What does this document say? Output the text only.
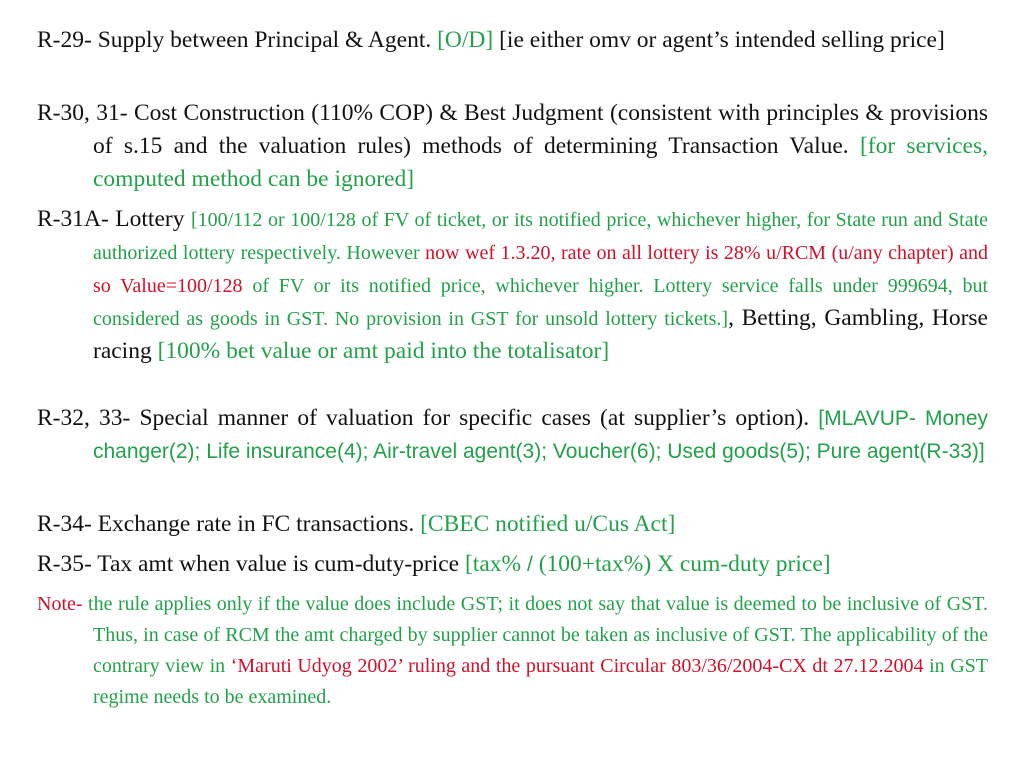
R-29- Supply between Principal & Agent. [O/D] [ie either omv or agent’s intended selling price]

R-30, 31- Cost Construction (110% COP) & Best Judgment (consistent with principles & provisions of s.15 and the valuation rules) methods of determining Transaction Value. [for services, computed method can be ignored]

R-31A- Lottery [100/112 or 100/128 of FV of ticket, or its notified price, whichever higher, for State run and State authorized lottery respectively. However now wef 1.3.20, rate on all lottery is 28% u/RCM (u/any chapter) and so Value=100/128 of FV or its notified price, whichever higher. Lottery service falls under 999694, but considered as goods in GST. No provision in GST for unsold lottery tickets.], Betting, Gambling, Horse racing [100% bet value or amt paid into the totalisator]

R-32, 33- Special manner of valuation for specific cases (at supplier’s option). [MLAVUP- Money changer(2); Life insurance(4); Air-travel agent(3); Voucher(6); Used goods(5); Pure agent(R-33)]

R-34- Exchange rate in FC transactions. [CBEC notified u/Cus Act]

R-35- Tax amt when value is cum-duty-price [tax% / (100+tax%) X cum-duty price]

Note- the rule applies only if the value does include GST; it does not say that value is deemed to be inclusive of GST. Thus, in case of RCM the amt charged by supplier cannot be taken as inclusive of GST. The applicability of the contrary view in ‘Maruti Udyog 2002’ ruling and the pursuant Circular 803/36/2004-CX dt 27.12.2004 in GST regime needs to be examined.
